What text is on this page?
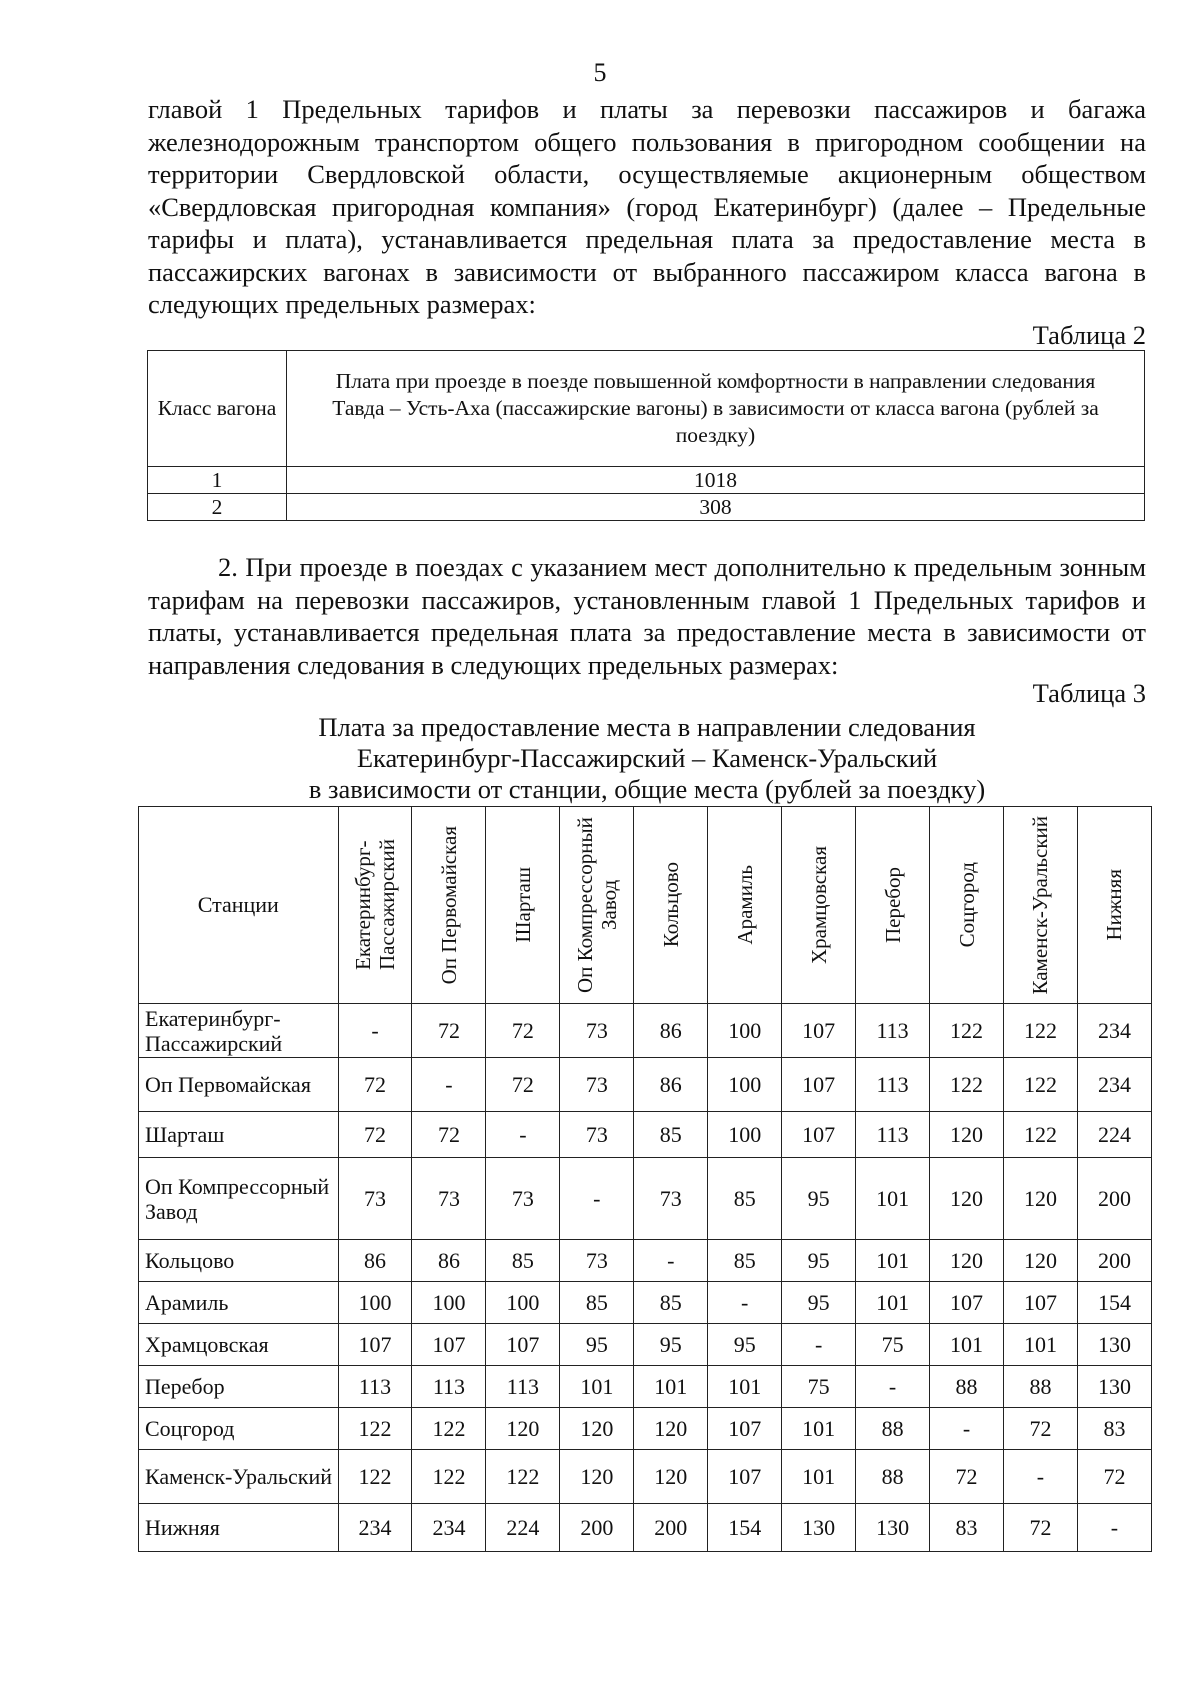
5
главой 1 Предельных тарифов и платы за перевозки пассажиров и багажа железнодорожным транспортом общего пользования в пригородном сообщении на территории Свердловской области, осуществляемые акционерным обществом «Свердловская пригородная компания» (город Екатеринбург) (далее – Предельные тарифы и плата), устанавливается предельная плата за предоставление места в пассажирских вагонах в зависимости от выбранного пассажиром класса вагона в следующих предельных размерах:
Таблица 2
Класс вагона	Плата при проезде в поезде повышенной комфортности в направлении следования Тавда – Усть-Аха (пассажирские вагоны) в зависимости от класса вагона (рублей за поездку)
1	1018
2	308
2. При проезде в поездах с указанием мест дополнительно к предельным зонным тарифам на перевозки пассажиров, установленным главой 1 Предельных тарифов и платы, устанавливается предельная плата за предоставление места в зависимости от направления следования в следующих предельных размерах:
Таблица 3
Плата за предоставление места в направлении следования
Екатеринбург-Пассажирский – Каменск-Уральский
в зависимости от станции, общие места (рублей за поездку)
Станции	Екатеринбург-Пассажирский	Оп Первомайская	Шарташ	Оп Компрессорный Завод	Кольцово	Арамиль	Храмцовская	Перебор	Соцгород	Каменск-Уральский	Нижняя

Екатеринбург-Пассажирский	-	72	72	73	86	100	107	113	122	122	234
Оп Первомайская	72	-	72	73	86	100	107	113	122	122	234
Шарташ	72	72	-	73	85	100	107	113	120	122	224
Оп Компрессорный Завод	73	73	73	-	73	85	95	101	120	120	200
Кольцово	86	86	85	73	-	85	95	101	120	120	200
Арамиль	100	100	100	85	85	-	95	101	107	107	154
Храмцовская	107	107	107	95	95	95	-	75	101	101	130
Перебор	113	113	113	101	101	101	75	-	88	88	130
Соцгород	122	122	120	120	120	107	101	88	-	72	83
Каменск-Уральский	122	122	122	120	120	107	101	88	72	-	72
Нижняя	234	234	224	200	200	154	130	130	83	72	-
